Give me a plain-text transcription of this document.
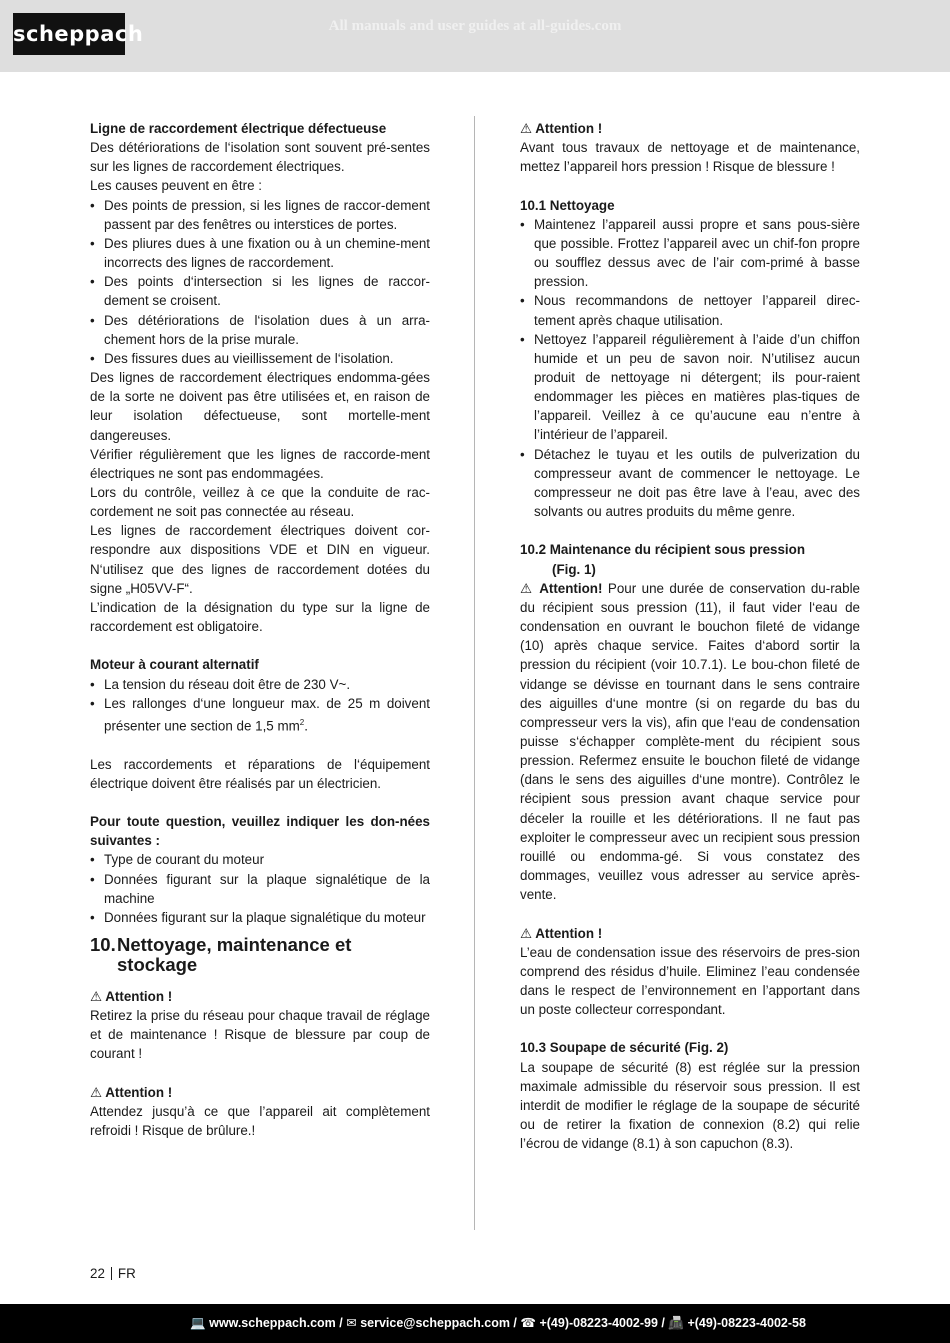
scheppach	All manuals and user guides at all-guides.com
Ligne de raccordement électrique défectueuse
Des détériorations de l‘isolation sont souvent pré-sentes sur les lignes de raccordement électriques.
Les causes peuvent en être :
• Des points de pression, si les lignes de raccor-dement passent par des fenêtres ou interstices de portes.
• Des pliures dues à une fixation ou à un chemine-ment incorrects des lignes de raccordement.
• Des points d‘intersection si les lignes de raccor-dement se croisent.
• Des détériorations de l‘isolation dues à un arra-chement hors de la prise murale.
• Des fissures dues au vieillissement de l‘isolation.
Des lignes de raccordement électriques endomma-gées de la sorte ne doivent pas être utilisées et, en raison de leur isolation défectueuse, sont mortelle-ment dangereuses.
Vérifier régulièrement que les lignes de raccorde-ment électriques ne sont pas endommagées.
Lors du contrôle, veillez à ce que la conduite de rac-cordement ne soit pas connectée au réseau.
Les lignes de raccordement électriques doivent cor-respondre aux dispositions VDE et DIN en vigueur. N‘utilisez que des lignes de raccordement dotées du signe „H05VV-F“.
L’indication de la désignation du type sur la ligne de raccordement est obligatoire.
Moteur à courant alternatif
• La tension du réseau doit être de 230 V~.
• Les rallonges d‘une longueur max. de 25 m doivent présenter une section de 1,5 $mm^2$.
Les raccordements et réparations de l‘équipement électrique doivent être réalisés par un électricien.
Pour toute question, veuillez indiquer les don-nées suivantes :
• Type de courant du moteur
• Données figurant sur la plaque signalétique de la machine
• Données figurant sur la plaque signalétique du moteur
10. Nettoyage, maintenance et stockage
⚠ Attention !
Retirez la prise du réseau pour chaque travail de réglage et de maintenance ! Risque de blessure par coup de courant !
⚠ Attention !
Attendez jusqu’à ce que l’appareil ait complètement refroidi ! Risque de brûlure.!
⚠ Attention !
Avant tous travaux de nettoyage et de maintenance, mettez l’appareil hors pression ! Risque de blessure !
10.1 Nettoyage
• Maintenez l’appareil aussi propre et sans pous-sière que possible. Frottez l’appareil avec un chif-fon propre ou soufflez dessus avec de l’air com-primé à basse pression.
• Nous recommandons de nettoyer l’appareil direc-tement après chaque utilisation.
• Nettoyez l’appareil régulièrement à l’aide d’un chiffon humide et un peu de savon noir. N’utilisez aucun produit de nettoyage ni détergent; ils pour-raient endommager les pièces en matières plas-tiques de l’appareil. Veillez à ce qu’aucune eau n’entre à l’intérieur de l’appareil.
• Détachez le tuyau et les outils de pulverization du compresseur avant de commencer le nettoyage. Le compresseur ne doit pas être lave à l’eau, avec des solvants ou autres produits du même genre.
10.2 Maintenance du récipient sous pression
(Fig. 1)
⚠ Attention! Pour une durée de conservation du-rable du récipient sous pression (11), il faut vider l‘eau de condensation en ouvrant le bouchon fileté de vidange (10) après chaque service. Faites d‘abord sortir la pression du récipient (voir 10.7.1). Le bou-chon fileté de vidange se dévisse en tournant dans le sens contraire des aiguilles d‘une montre (si on regarde du bas du compresseur vers la vis), afin que l‘eau de condensation puisse s‘échapper complète-ment du récipient sous pression. Refermez ensuite le bouchon fileté de vidange (dans le sens des aiguilles d‘une montre). Contrôlez le récipient sous pression avant chaque service pour déceler la rouille et les détériorations. Il ne faut pas exploiter le compresseur avec un recipient sous pression rouillé ou endomma-gé. Si vous constatez des dommages, veuillez vous adresser au service après-vente.
⚠ Attention !
L’eau de condensation issue des réservoirs de pres-sion comprend des résidus d’huile. Eliminez l’eau condensée dans le respect de l’environnement en l’apportant dans un poste collecteur correspondant.
10.3 Soupape de sécurité (Fig. 2)
La soupape de sécurité (8) est réglée sur la pression maximale admissible du réservoir sous pression. Il est interdit de modifier le réglage de la soupape de sécurité ou de retirer la fixation de connexion (8.2) qui relie l’écrou de vidange (8.1) à son capuchon (8.3).
22 FR
💻 www.scheppach.com / ✉ service@scheppach.com / ☎ +(49)-08223-4002-99 / 📠 +(49)-08223-4002-58
